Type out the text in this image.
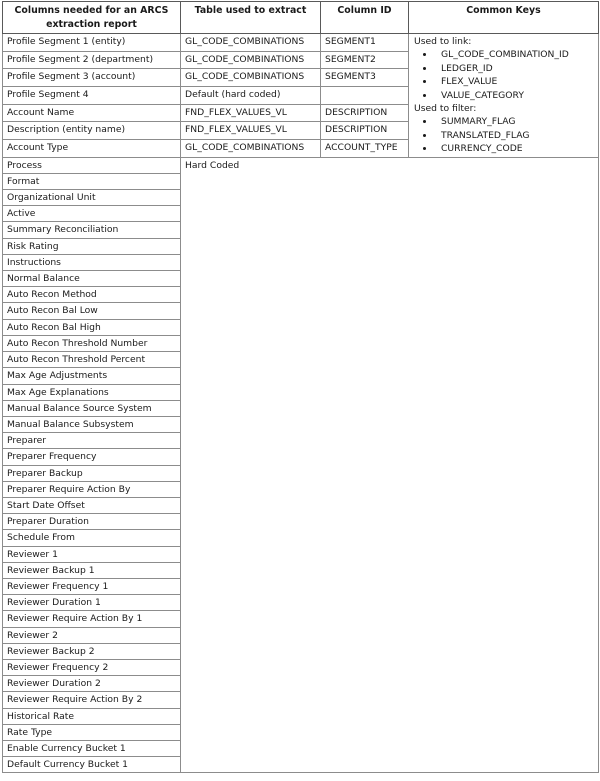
Columns needed for an ARCS extraction report	Table used to extract	Column ID	Common Keys
Profile Segment 1 (entity)	GL_CODE_COMBINATIONS	SEGMENT1	Used to link:
• GL_CODE_COMBINATION_ID
• LEDGER_ID
• FLEX_VALUE
• VALUE_CATEGORY
Used to filter:
• SUMMARY_FLAG
• TRANSLATED_FLAG
• CURRENCY_CODE

Profile Segment 2 (department)	GL_CODE_COMBINATIONS	SEGMENT2	
Profile Segment 3 (account)	GL_CODE_COMBINATIONS	SEGMENT3	
Profile Segment 4	Default (hard coded)		
Account Name	FND_FLEX_VALUES_VL	DESCRIPTION	
Description (entity name)	FND_FLEX_VALUES_VL	DESCRIPTION	
Account Type	GL_CODE_COMBINATIONS	ACCOUNT_TYPE	
Process	Hard Coded		
Format			
Organizational Unit			
Active			
Summary Reconciliation			
Risk Rating			
Instructions			
Normal Balance			
Auto Recon Method			
Auto Recon Bal Low			
Auto Recon Bal High			
Auto Recon Threshold Number			
Auto Recon Threshold Percent			
Max Age Adjustments			
Max Age Explanations			
Manual Balance Source System			
Manual Balance Subsystem			
Preparer			
Preparer Frequency			
Preparer Backup			
Preparer Require Action By			
Start Date Offset			
Preparer Duration			
Schedule From			
Reviewer 1			
Reviewer Backup 1			
Reviewer Frequency 1			
Reviewer Duration 1			
Reviewer Require Action By 1			
Reviewer 2			
Reviewer Backup 2			
Reviewer Frequency 2			
Reviewer Duration 2			
Reviewer Require Action By 2			
Historical Rate			
Rate Type			
Enable Currency Bucket 1			
Default Currency Bucket 1			
